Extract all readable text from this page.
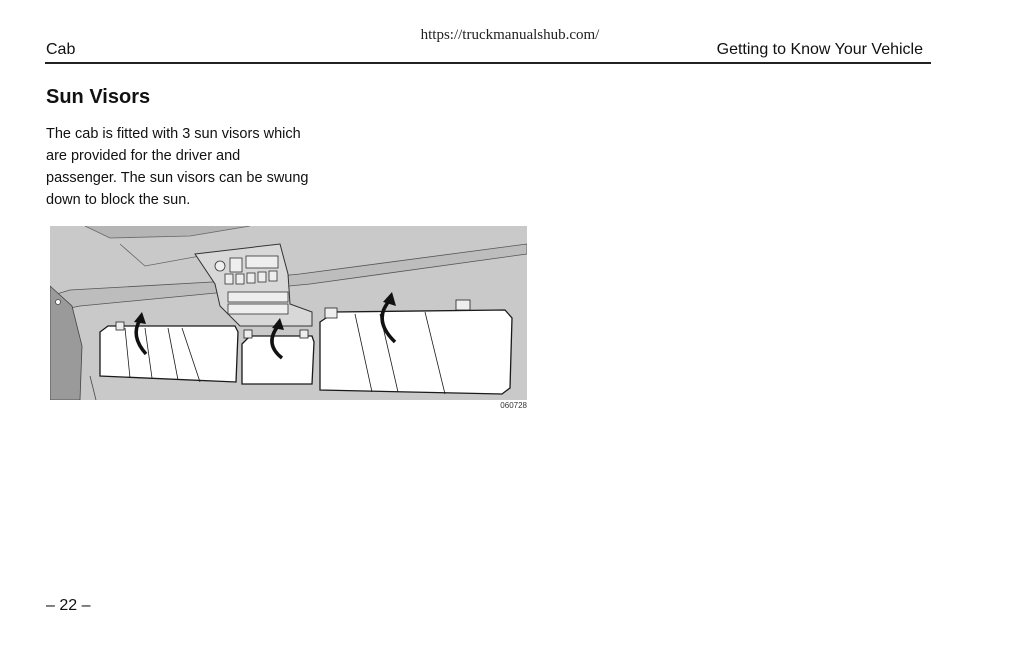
https://truckmanualshub.com/
Cab	Getting to Know Your Vehicle
Sun Visors

The cab is fitted with 3 sun visors which are provided for the driver and passenger. The sun visors can be swung down to block the sun.

060728
– 22 –
